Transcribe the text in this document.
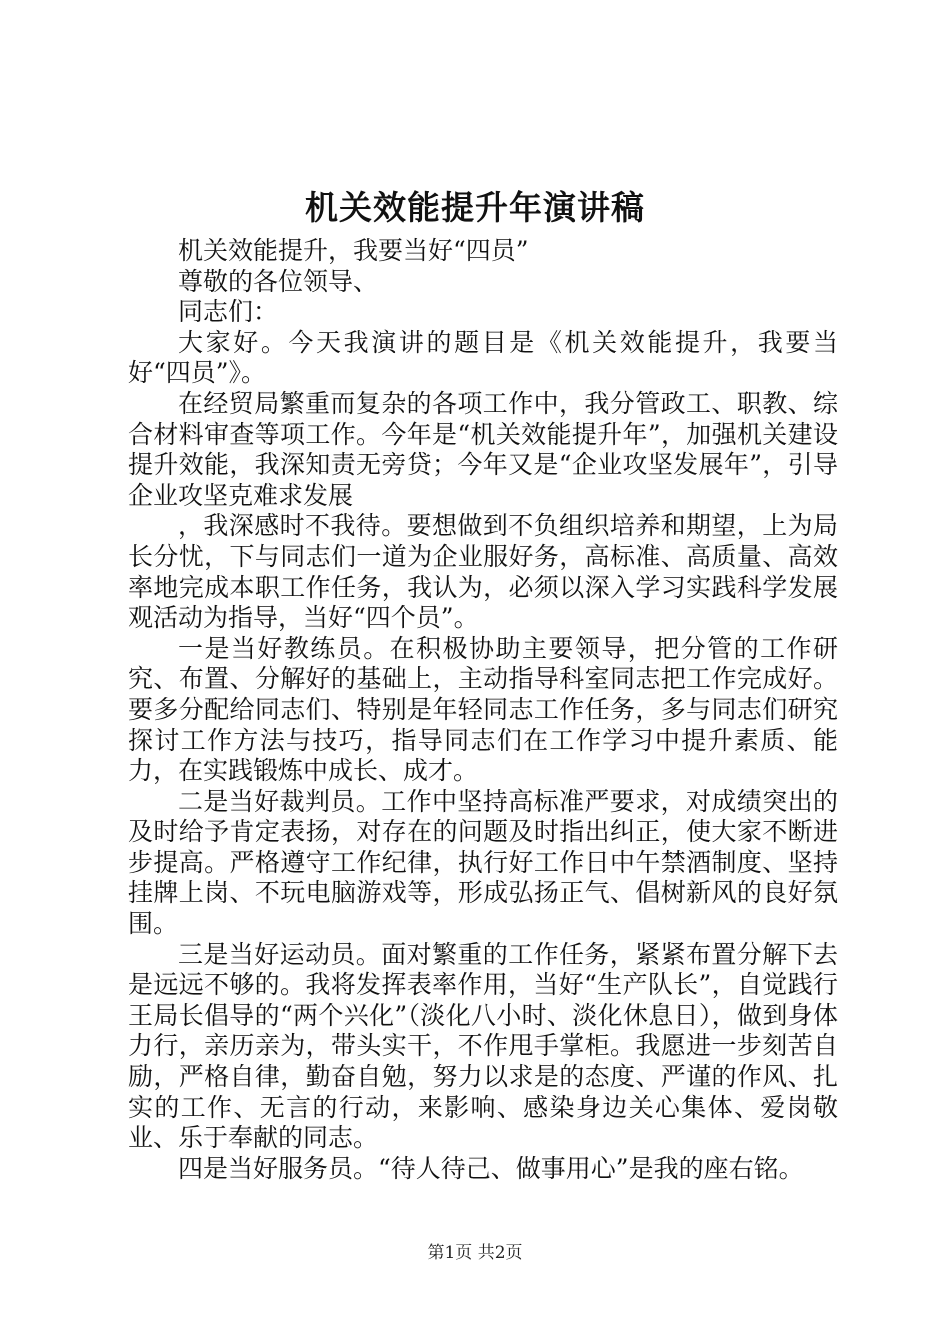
机关效能提升年演讲稿

机关效能提升，我要当好“四员”

尊敬的各位领导、

同志们：

大家好。今天我演讲的题目是《机关效能提升，我要当好“四员”》。

在经贸局繁重而复杂的各项工作中，我分管政工、职教、综合材料审查等项工作。今年是“机关效能提升年”，加强机关建设提升效能，我深知责无旁贷；今年又是“企业攻坚发展年”，引导企业攻坚克难求发展

，我深感时不我待。要想做到不负组织培养和期望，上为局长分忧，下与同志们一道为企业服好务，高标准、高质量、高效率地完成本职工作任务，我认为，必须以深入学习实践科学发展观活动为指导，当好“四个员”。

一是当好教练员。在积极协助主要领导，把分管的工作研究、布置、分解好的基础上，主动指导科室同志把工作完成好。要多分配给同志们、特别是年轻同志工作任务，多与同志们研究探讨工作方法与技巧，指导同志们在工作学习中提升素质、能力，在实践锻炼中成长、成才。

二是当好裁判员。工作中坚持高标准严要求，对成绩突出的及时给予肯定表扬，对存在的问题及时指出纠正，使大家不断进步提高。严格遵守工作纪律，执行好工作日中午禁酒制度、坚持挂牌上岗、不玩电脑游戏等，形成弘扬正气、倡树新风的良好氛围。

三是当好运动员。面对繁重的工作任务，紧紧布置分解下去是远远不够的。我将发挥表率作用，当好“生产队长”，自觉践行王局长倡导的“两个兴化”（淡化八小时、淡化休息日），做到身体力行，亲历亲为，带头实干，不作甩手掌柜。我愿进一步刻苦自励，严格自律，勤奋自勉，努力以求是的态度、严谨的作风、扎实的工作、无言的行动，来影响、感染身边关心集体、爱岗敬业、乐于奉献的同志。

四是当好服务员。“待人待己、做事用心”是我的座右铭。

第1页 共2页
